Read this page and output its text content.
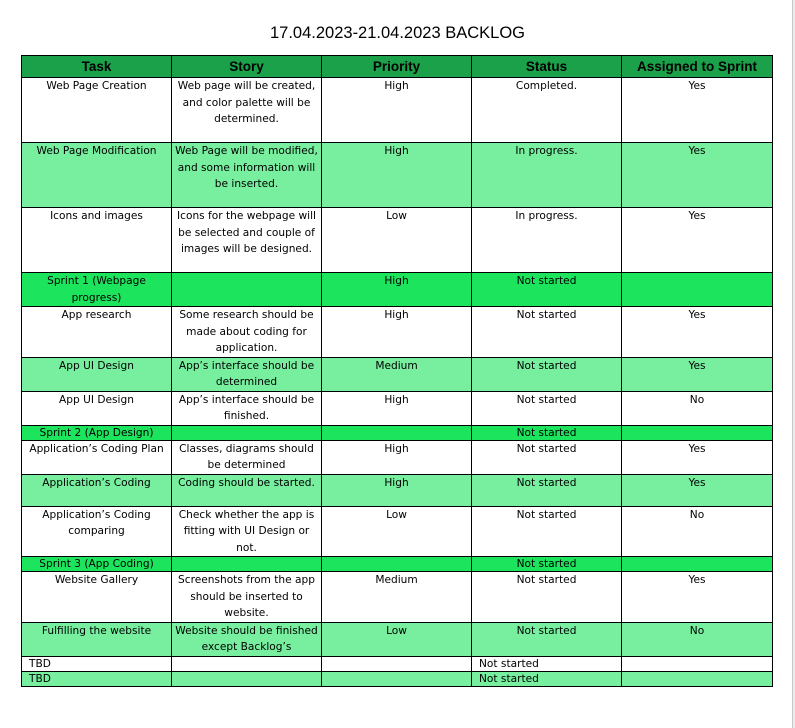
17.04.2023-21.04.2023 BACKLOG
Task	Story	Priority	Status	Assigned to Sprint
Web Page Creation	Web page will be created, and color palette will be determined.	High	Completed.	Yes
Web Page Modification	Web Page will be modified, and some information will be inserted.	High	In progress.	Yes
Icons and images	Icons for the webpage will be selected and couple of images will be designed.	Low	In progress.	Yes
Sprint 1 (Webpage progress)		High	Not started	
App research	Some research should be made about coding for application.	High	Not started	Yes
App UI Design	App’s interface should be determined	Medium	Not started	Yes
App UI Design	App’s interface should be finished.	High	Not started	No
Sprint 2 (App Design)			Not started	
Application’s Coding Plan	Classes, diagrams should be determined	High	Not started	Yes
Application’s Coding	Coding should be started.	High	Not started	Yes
Application’s Coding comparing	Check whether the app is fitting with UI Design or not.	Low	Not started	No
Sprint 3 (App Coding)			Not started	
Website Gallery	Screenshots from the app should be inserted to website.	Medium	Not started	Yes
Fulfilling the website	Website should be finished except Backlog’s	Low	Not started	No
TBD			Not started	
TBD			Not started	
